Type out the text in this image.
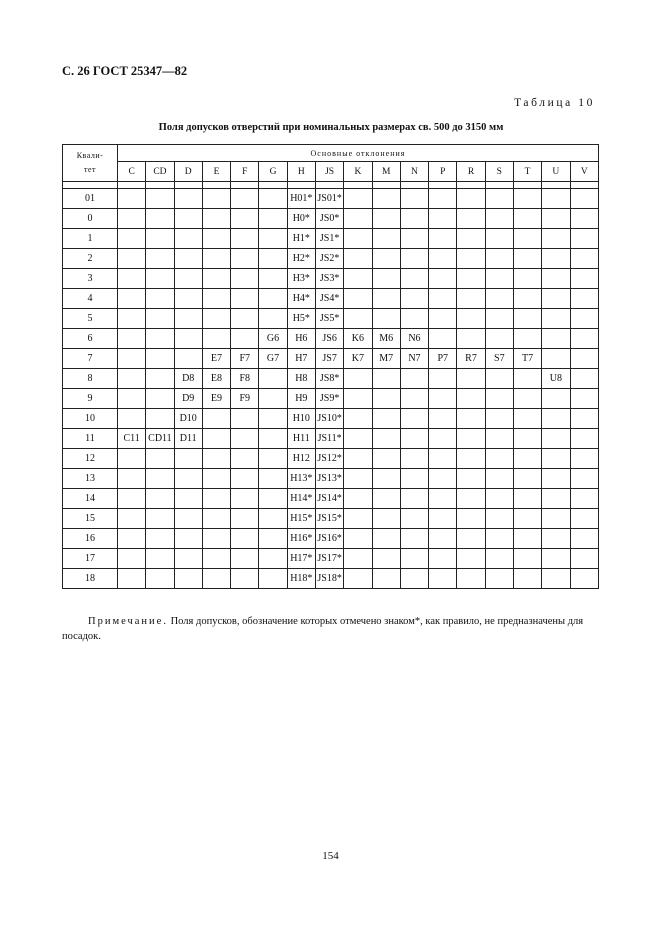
С. 26 ГОСТ 25347—82
Таблица 10
Поля допусков отверстий при номинальных размерах св. 500 до 3150 мм
Квали-
тет	Основные отклонения																
	C	CD	D	E	F	G	H	JS	K	M	N	P	R	S	T	U	V

01							H01*	JS01*									
0							H0*	JS0*									
1							H1*	JS1*									
2							H2*	JS2*									
3							H3*	JS3*									
4							H4*	JS4*									
5							H5*	JS5*									
6						G6	H6	JS6	K6	M6	N6						
7				E7	F7	G7	H7	JS7	K7	M7	N7	P7	R7	S7	T7		
8			D8	E8	F8		H8	JS8*								U8	
9			D9	E9	F9		H9	JS9*									
10			D10				H10	JS10*									
11	C11	CD11	D11				H11	JS11*									
12							H12	JS12*									
13							H13*	JS13*									
14							H14*	JS14*									
15							H15*	JS15*									
16							H16*	JS16*									
17							H17*	JS17*									
18							H18*	JS18*									

Примечание. Поля допусков, обозначение которых отмечено знаком*, как правило, не предназначены для посадок.

154
